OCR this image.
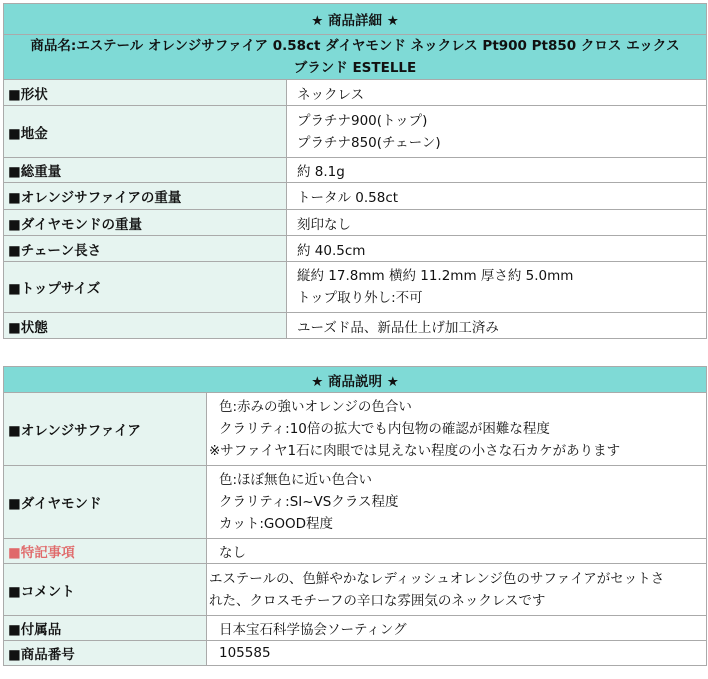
★ 商品詳細 ★	

商品名:エステール オレンジサファイア 0.58ct ダイヤモンド ネックレス Pt900 Pt850 クロス エックス
ブランド ESTELLE	

■形状	ネックレス
■地金	プラチナ900(トップ)
プラチナ850(チェーン)

■総重量	約 8.1g
■オレンジサファイアの重量	トータル 0.58ct
■ダイヤモンドの重量	刻印なし
■チェーン長さ	約 40.5cm
■トップサイズ	縦約 17.8mm 横約 11.2mm 厚さ約 5.0mm
トップ取り外し:不可

■状態	ユーズド品、新品仕上げ加工済み
★ 商品説明 ★	
■オレンジサファイア	色:赤みの強いオレンジの色合い
クラリティ:10倍の拡大でも内包物の確認が困難な程度
※サファイヤ1石に肉眼では見えない程度の小さな石カケがあります

■ダイヤモンド	色:ほぼ無色に近い色合い
クラリティ:SI~VSクラス程度
カット:GOOD程度

■特記事項	なし
■コメント	エステールの、色鮮やかなレディッシュオレンジ色のサファイアがセットさ
れた、クロスモチーフの辛口な雰囲気のネックレスです

■付属品	日本宝石科学協会ソーティング
■商品番号	105585
